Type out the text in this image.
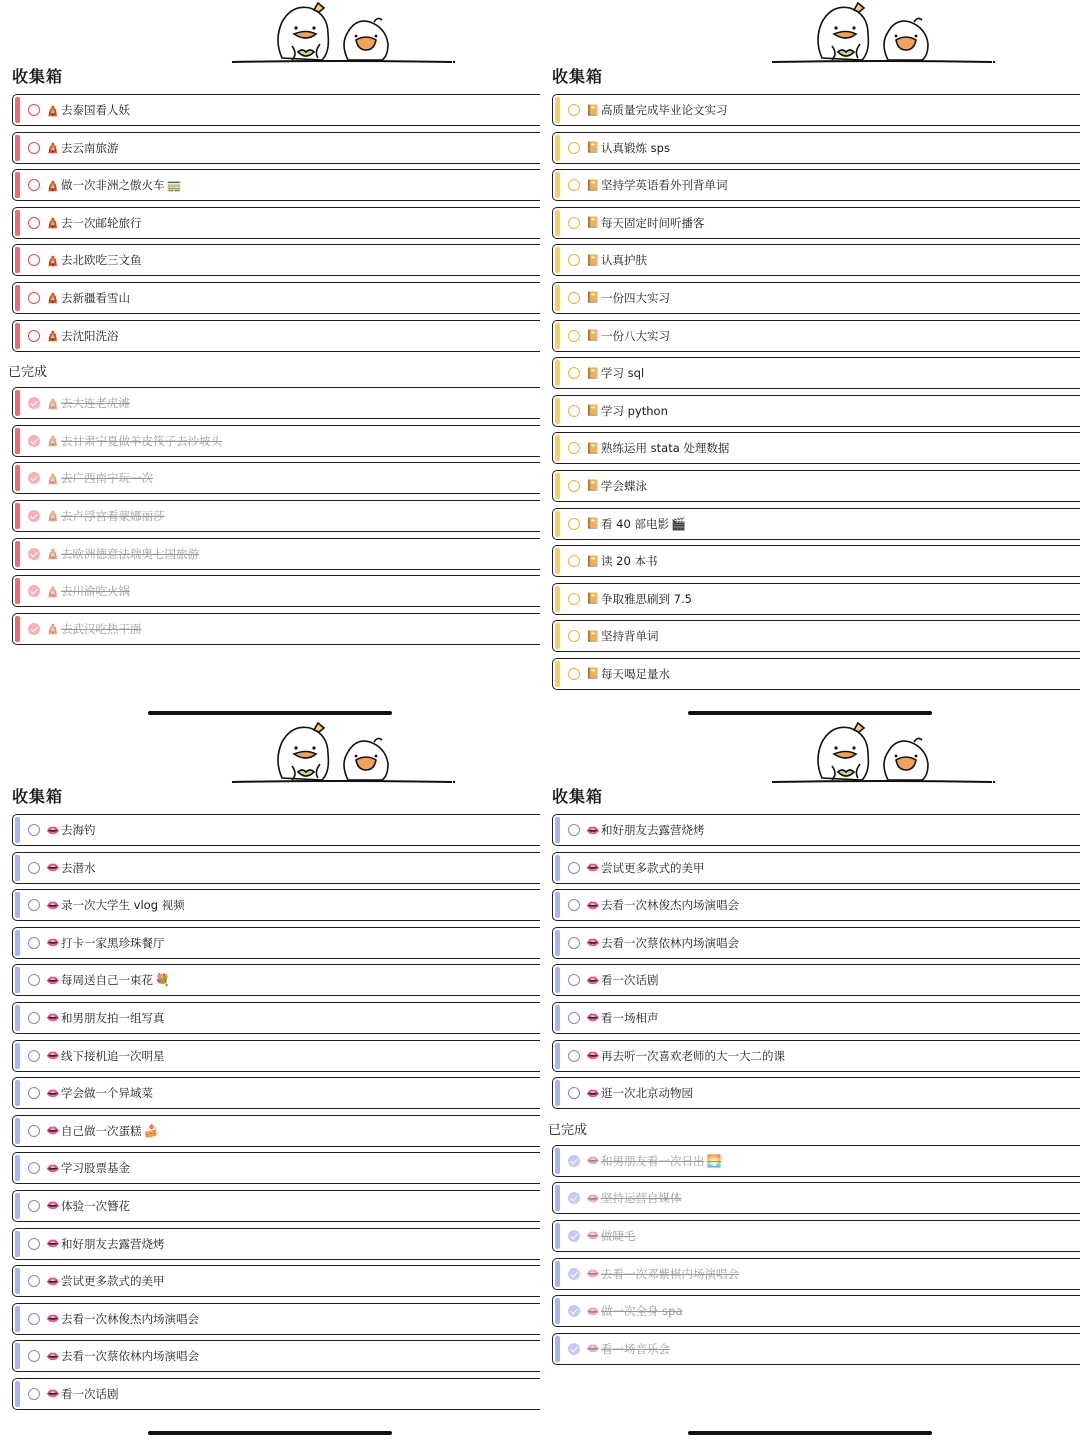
收集箱
🛕 去泰国看人妖
🛕 去云南旅游
🛕 做一次非洲之傲火车 🚃
🛕 去一次邮轮旅行
🛕 去北欧吃三文鱼
🛕 去新疆看雪山
🛕 去沈阳洗浴
已完成
🛕 去大连老虎滩
🛕 去甘肃宁夏做羊皮筏子去沙坡头
🛕 去广西南宁玩一次
🛕 去卢浮宫看蒙娜丽莎
🛕 去欧洲德意法瑞奥七国旅游
🛕 去川渝吃火锅
🛕 去武汉吃热干面
收集箱
📔 高质量完成毕业论文实习
📔 认真锻炼 sps
📔 坚持学英语看外刊背单词
📔 每天固定时间听播客
📔 认真护肤
📔 一份四大实习
📔 一份八大实习
📔 学习 sql
📔 学习 python
📔 熟练运用 stata 处理数据
📔 学会蝶泳
📔 看 40 部电影 🎬
📔 读 20 本书
📔 争取雅思刷到 7.5
📔 坚持背单词
📔 每天喝足量水
收集箱
👄 去海钓
👄 去潜水
👄 录一次大学生 vlog 视频
👄 打卡一家黑珍珠餐厅
👄 每周送自己一束花 💐
👄 和男朋友拍一组写真
👄 线下接机追一次明星
👄 学会做一个异域菜
👄 自己做一次蛋糕 🍰
👄 学习股票基金
👄 体验一次簪花
👄 和好朋友去露营烧烤
👄 尝试更多款式的美甲
👄 去看一次林俊杰内场演唱会
👄 去看一次蔡依林内场演唱会
👄 看一次话剧
收集箱
👄 和好朋友去露营烧烤
👄 尝试更多款式的美甲
👄 去看一次林俊杰内场演唱会
👄 去看一次蔡依林内场演唱会
👄 看一次话剧
👄 看一场相声
👄 再去听一次喜欢老师的大一大二的课
👄 逛一次北京动物园
已完成
👄 和男朋友看一次日出 🌅
👄 坚持运营自媒体
👄 做睫毛
👄 去看一次邓紫棋内场演唱会
👄 做一次全身 spa
👄 看一场音乐会
